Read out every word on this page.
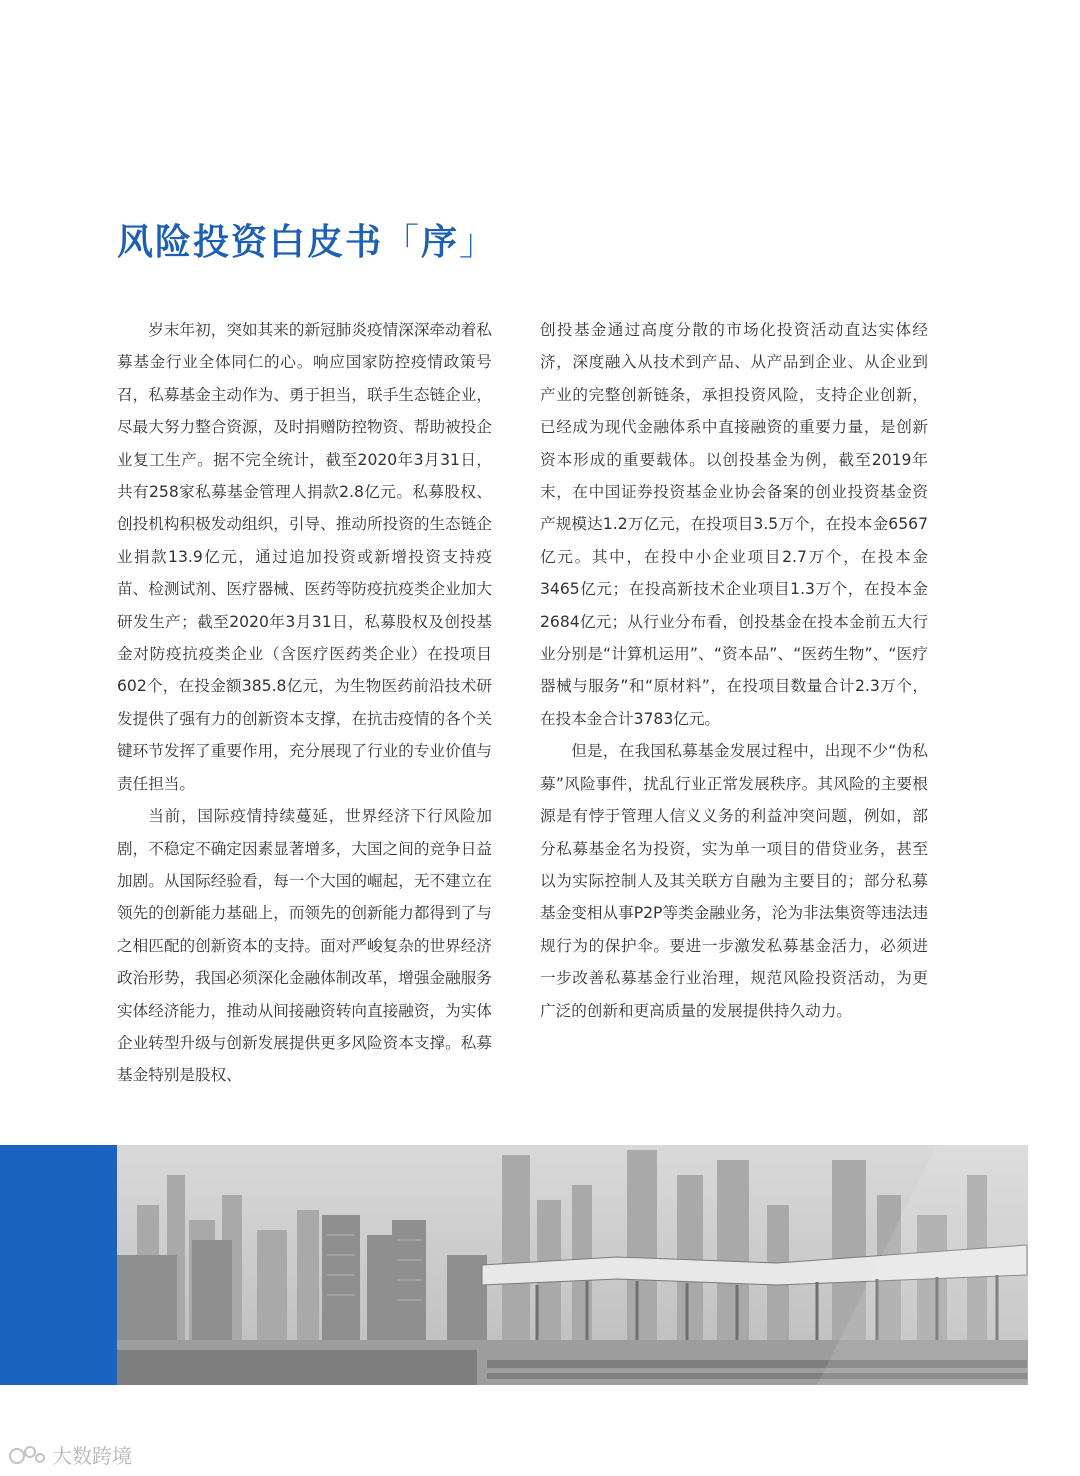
风险投资白皮书「序」

岁末年初，突如其来的新冠肺炎疫情深深牵动着私募基金行业全体同仁的心。响应国家防控疫情政策号召，私募基金主动作为、勇于担当，联手生态链企业，尽最大努力整合资源，及时捐赠防控物资、帮助被投企业复工生产。据不完全统计，截至2020年3月31日，共有258家私募基金管理人捐款2.8亿元。私募股权、创投机构积极发动组织，引导、推动所投资的生态链企业捐款13.9亿元，通过追加投资或新增投资支持疫苗、检测试剂、医疗器械、医药等防疫抗疫类企业加大研发生产；截至2020年3月31日，私募股权及创投基金对防疫抗疫类企业（含医疗医药类企业）在投项目602个，在投金额385.8亿元，为生物医药前沿技术研发提供了强有力的创新资本支撑，在抗击疫情的各个关键环节发挥了重要作用，充分展现了行业的专业价值与责任担当。

当前，国际疫情持续蔓延，世界经济下行风险加剧，不稳定不确定因素显著增多，大国之间的竞争日益加剧。从国际经验看，每一个大国的崛起，无不建立在领先的创新能力基础上，而领先的创新能力都得到了与之相匹配的创新资本的支持。面对严峻复杂的世界经济政治形势，我国必须深化金融体制改革，增强金融服务实体经济能力，推动从间接融资转向直接融资，为实体企业转型升级与创新发展提供更多风险资本支撑。私募基金特别是股权、

创投基金通过高度分散的市场化投资活动直达实体经济，深度融入从技术到产品、从产品到企业、从企业到产业的完整创新链条，承担投资风险，支持企业创新，已经成为现代金融体系中直接融资的重要力量，是创新资本形成的重要载体。以创投基金为例，截至2019年末，在中国证券投资基金业协会备案的创业投资基金资产规模达1.2万亿元，在投项目3.5万个，在投本金6567亿元。其中，在投中小企业项目2.7万个，在投本金3465亿元；在投高新技术企业项目1.3万个，在投本金2684亿元；从行业分布看，创投基金在投本金前五大行业分别是“计算机运用”、“资本品”、“医药生物”、“医疗器械与服务”和“原材料”，在投项目数量合计2.3万个，在投本金合计3783亿元。

但是，在我国私募基金发展过程中，出现不少“伪私募”风险事件，扰乱行业正常发展秩序。其风险的主要根源是有悖于管理人信义义务的利益冲突问题，例如，部分私募基金名为投资，实为单一项目的借贷业务，甚至以为实际控制人及其关联方自融为主要目的；部分私募基金变相从事P2P等类金融业务，沦为非法集资等违法违规行为的保护伞。要进一步激发私募基金活力，必须进一步改善私募基金行业治理，规范风险投资活动，为更广泛的创新和更高质量的发展提供持久动力。

大数跨境
